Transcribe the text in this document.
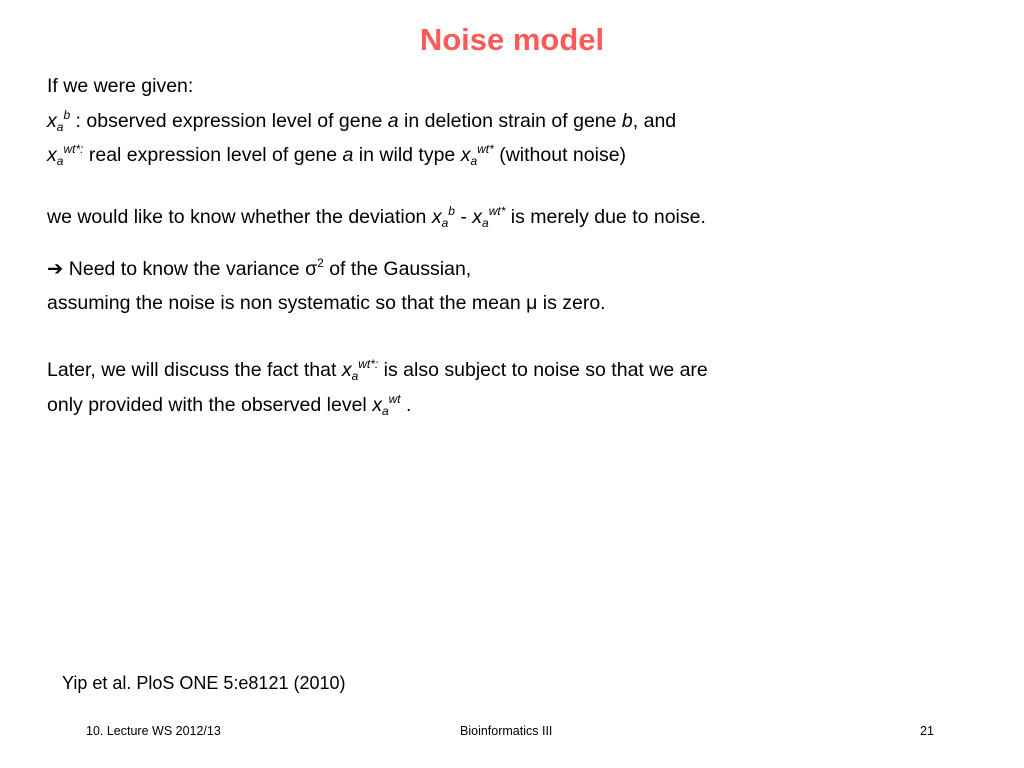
Noise model
If we were given:
$x_a^b$ : observed expression level of gene a in deletion strain of gene b, and
$x_a^{wt*:}$ real expression level of gene a in wild type $x_a^{wt*}$ (without noise)
we would like to know whether the deviation $x_a^b - x_a^{wt*}$ is merely due to noise.
➔ Need to know the variance $\sigma^2$ of the Gaussian,
assuming the noise is non systematic so that the mean μ is zero.
Later, we will discuss the fact that $x_a^{wt*:}$ is also subject to noise so that we are
only provided with the observed level $x_a^{wt}$ .
Yip et al. PloS ONE 5:e8121 (2010)
10. Lecture WS 2012/13	Bioinformatics III	21
